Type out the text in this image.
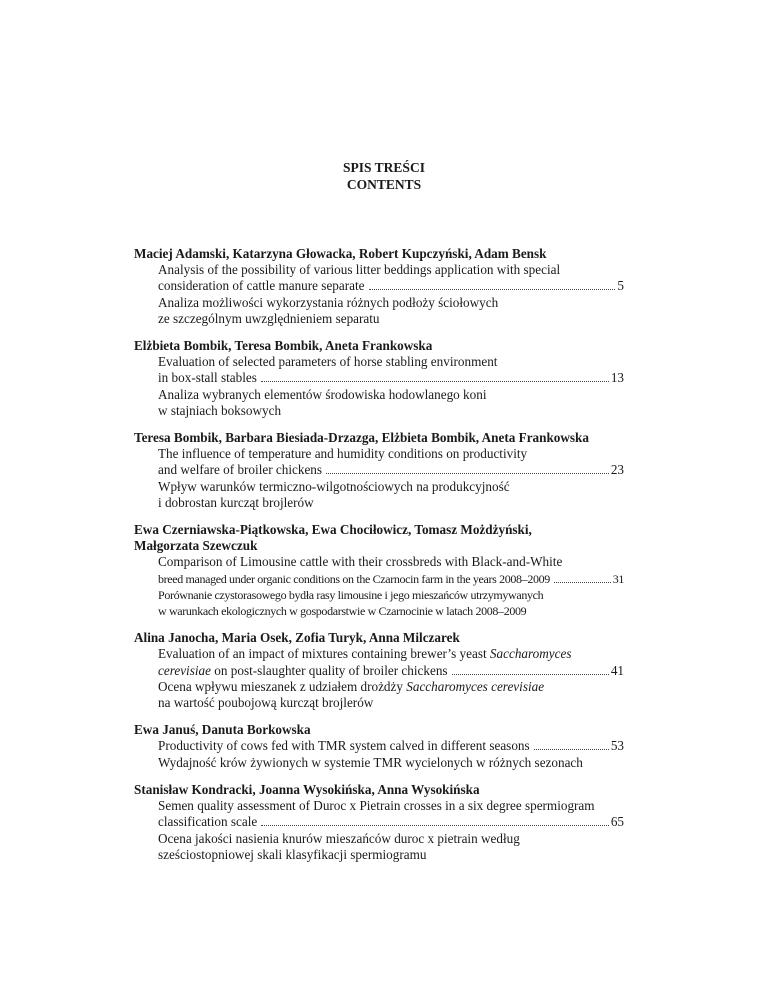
SPIS TREŚCI
CONTENTS
Maciej Adamski, Katarzyna Głowacka, Robert Kupczyński, Adam Bensk
Analysis of the possibility of various litter beddings application with special
consideration of cattle manure separate	5
Analiza możliwości wykorzystania różnych podłoży ściołowych
ze szczególnym uwzględnieniem separatu
Elżbieta Bombik, Teresa Bombik, Aneta Frankowska
Evaluation of selected parameters of horse stabling environment
in box-stall stables	13
Analiza wybranych elementów środowiska hodowlanego koni
w stajniach boksowych
Teresa Bombik, Barbara Biesiada-Drzazga, Elżbieta Bombik, Aneta Frankowska
The influence of temperature and humidity conditions on productivity
and welfare of broiler chickens	23
Wpływ warunków termiczno-wilgotnościowych na produkcyjność
i dobrostan kurcząt brojlerów
Ewa Czerniawska-Piątkowska, Ewa Chociłowicz, Tomasz Możdżyński,
Małgorzata Szewczuk
Comparison of Limousine cattle with their crossbreds with Black-and-White
breed managed under organic conditions on the Czarnocin farm in the years 2008–2009	31
Porównanie czystorasowego bydła rasy limousine i jego mieszańców utrzymywanych
w warunkach ekologicznych w gospodarstwie w Czarnocinie w latach 2008–2009
Alina Janocha, Maria Osek, Zofia Turyk, Anna Milczarek
Evaluation of an impact of mixtures containing brewer’s yeast Saccharomyces
cerevisiae on post-slaughter quality of broiler chickens	41
Ocena wpływu mieszanek z udziałem drożdży Saccharomyces cerevisiae
na wartość poubojową kurcząt brojlerów
Ewa Januś, Danuta Borkowska
Productivity of cows fed with TMR system calved in different seasons	53
Wydajność krów żywionych w systemie TMR wycielonych w różnych sezonach
Stanisław Kondracki, Joanna Wysokińska, Anna Wysokińska
Semen quality assessment of Duroc x Pietrain crosses in a six degree spermiogram
classification scale	65
Ocena jakości nasienia knurów mieszańców duroc x pietrain według
sześciostopniowej skali klasyfikacji spermiogramu
